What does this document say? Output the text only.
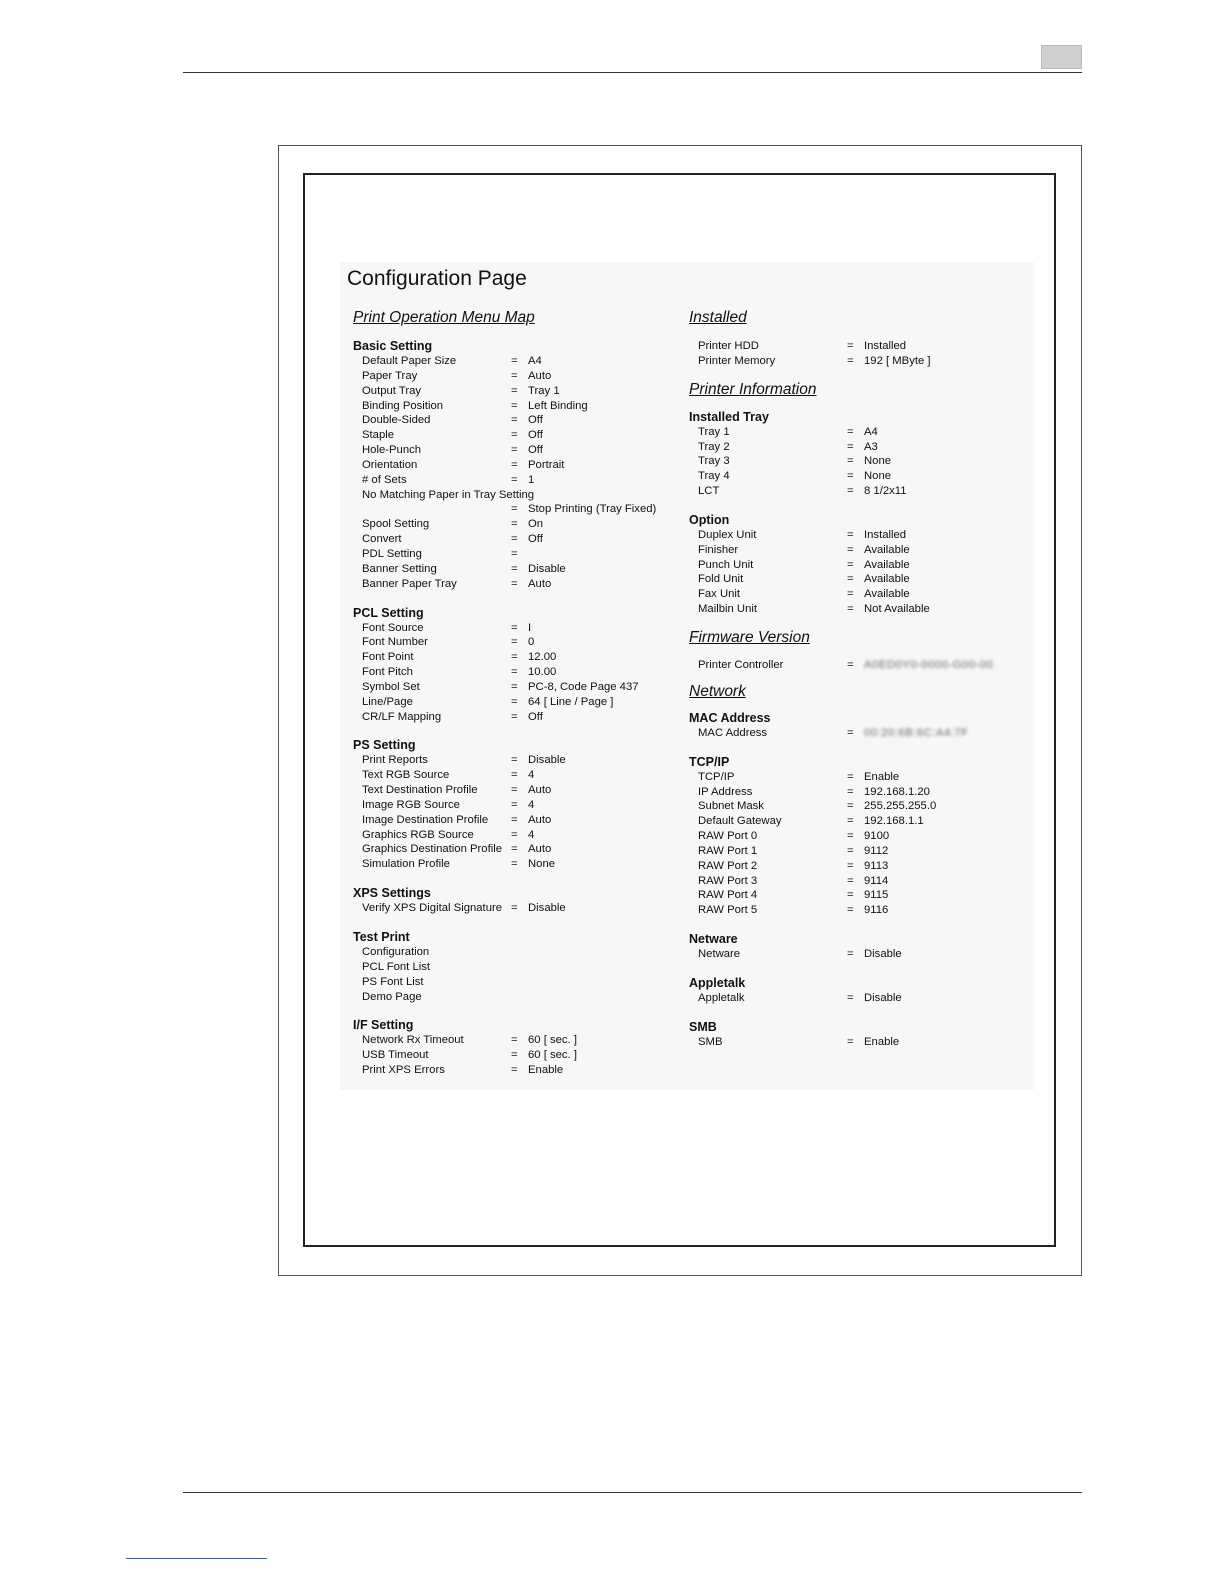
Configuration Page
Print Operation Menu Map
Basic Setting
Default Paper Size	= A4
Paper Tray	= Auto
Output Tray	= Tray 1
Binding Position	= Left Binding
Double-Sided	= Off
Staple	= Off
Hole-Punch	= Off
Orientation	= Portrait
# of Sets	= 1
No Matching Paper in Tray Setting
= Stop Printing (Tray Fixed)
Spool Setting	= On
Convert	= Off
PDL Setting	=
Banner Setting	= Disable
Banner Paper Tray	= Auto
PCL Setting
Font Source	= I
Font Number	= 0
Font Point	= 12.00
Font Pitch	= 10.00
Symbol Set	= PC-8, Code Page 437
Line/Page	= 64 [ Line / Page ]
CR/LF Mapping	= Off
PS Setting
Print Reports	= Disable
Text RGB Source	= 4
Text Destination Profile	= Auto
Image RGB Source	= 4
Image Destination Profile = Auto
Graphics RGB Source	= 4
Graphics Destination Profile = Auto
Simulation Profile	= None
XPS Settings
Verify XPS Digital Signature = Disable
Test Print
Configuration
PCL Font List
PS Font List
Demo Page
I/F Setting
Network Rx Timeout	= 60 [ sec. ]
USB Timeout	= 60 [ sec. ]
Print XPS Errors	= Enable
Installed
Printer HDD	= Installed
Printer Memory	= 192 [ MByte ]
Printer Information
Installed Tray
Tray 1	= A4
Tray 2	= A3
Tray 3	= None
Tray 4	= None
LCT	= 8 1/2x11
Option
Duplex Unit	= Installed
Finisher	= Available
Punch Unit	= Available
Fold Unit	= Available
Fax Unit	= Available
Mailbin Unit	= Not Available
Firmware Version
Printer Controller	= A0ED0Y0-0000-G00-00
Network
MAC Address
MAC Address	= 00:20:6B:6C:A4:7F
TCP/IP
TCP/IP	= Enable
IP Address	= 192.168.1.20
Subnet Mask	= 255.255.255.0
Default Gateway	= 192.168.1.1
RAW Port 0	= 9100
RAW Port 1	= 9112
RAW Port 2	= 9113
RAW Port 3	= 9114
RAW Port 4	= 9115
RAW Port 5	= 9116
Netware
Netware	= Disable
Appletalk
Appletalk	= Disable
SMB
SMB	= Enable
